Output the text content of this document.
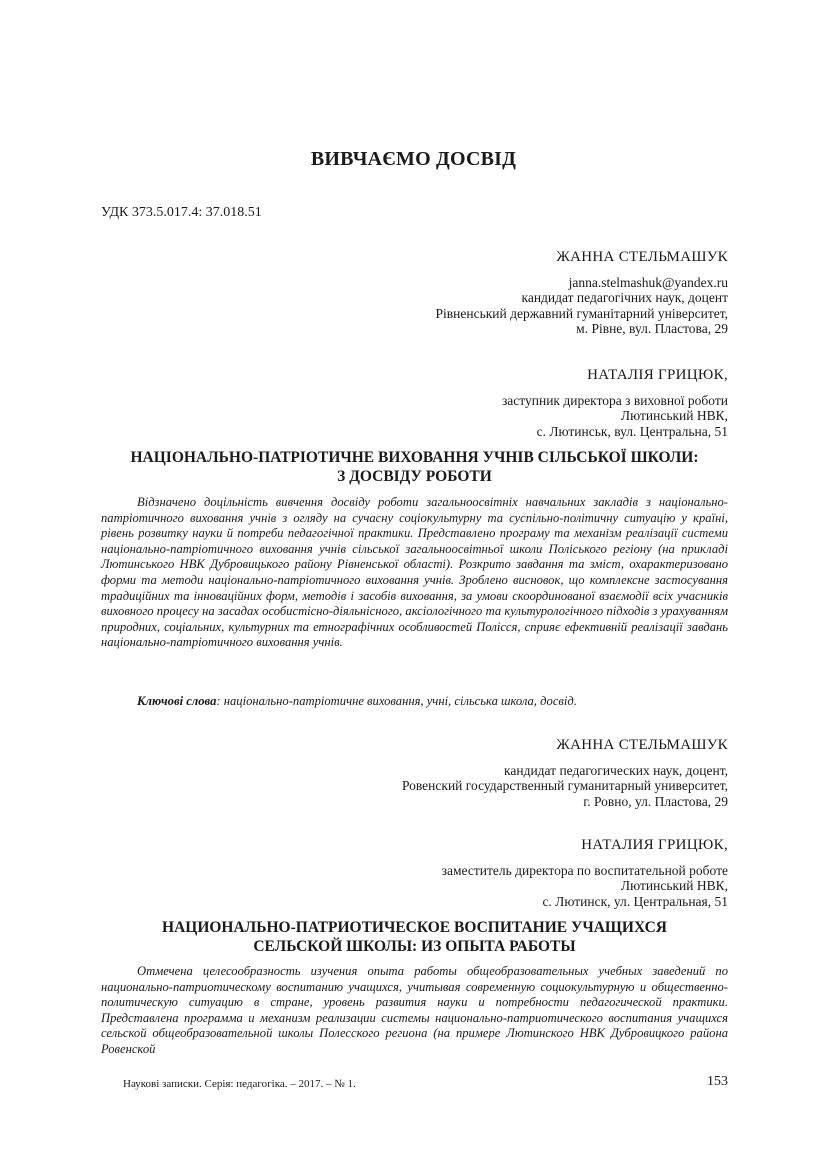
ВИВЧАЄМО ДОСВІД
УДК 373.5.017.4: 37.018.51
ЖАННА СТЕЛЬМАШУК
janna.stelmashuk@yandex.ru
кандидат педагогічних наук, доцент
Рівненський державний гуманітарний університет,
м. Рівне, вул. Пластова, 29
НАТАЛІЯ ГРИЦЮК,
заступник директора з виховної роботи
Лютинський НВК,
с. Лютинськ, вул. Центральна, 51
НАЦІОНАЛЬНО-ПАТРІОТИЧНЕ ВИХОВАННЯ УЧНІВ СІЛЬСЬКОЇ ШКОЛИ:
З ДОСВІДУ РОБОТИ

Відзначено доцільність вивчення досвіду роботи загальноосвітніх навчальних закладів з національно-патріотичного виховання учнів з огляду на сучасну соціокультурну та суспільно-політичну ситуацію у країні, рівень розвитку науки й потреби педагогічної практики. Представлено програму та механізм реалізації системи національно-патріотичного виховання учнів сільської загальноосвітньої школи Поліського регіону (на прикладі Лютинського НВК Дубровицького району Рівненської області). Розкрито завдання та зміст, охарактеризовано форми та методи національно-патріотичного виховання учнів. Зроблено висновок, що комплексне застосування традиційних та інноваційних форм, методів і засобів виховання, за умови скоординованої взаємодії всіх учасників виховного процесу на засадах особистісно-діяльнісного, аксіологічного та культурологічного підходів з урахуванням природних, соціальних, культурних та етнографічних особливостей Полісся, сприяє ефективній реалізації завдань національно-патріотичного виховання учнів.

Ключові слова: національно-патріотичне виховання, учні, сільська школа, досвід.
ЖАННА СТЕЛЬМАШУК
кандидат педагогических наук, доцент,
Ровенский государственный гуманитарный университет,
г. Ровно, ул. Пластова, 29
НАТАЛИЯ ГРИЦЮК,
заместитель директора по воспитательной роботе
Лютинський НВК,
с. Лютинск, ул. Центральная, 51
НАЦИОНАЛЬНО-ПАТРИОТИЧЕСКОЕ ВОСПИТАНИЕ УЧАЩИХСЯ
СЕЛЬСКОЙ ШКОЛЫ: ИЗ ОПЫТА РАБОТЫ

Отмечена целесообразность изучения опыта работы общеобразовательных учебных заведений по национально-патриотическому воспитанию учащихся, учитывая современную социокультурную и общественно-политическую ситуацию в стране, уровень развития науки и потребности педагогической практики. Представлена программа и механизм реализации системы национально-патриотического воспитания учащихся сельской общеобразовательной школы Полесского региона (на примере Лютинского НВК Дубровицкого района Ровенской

Наукові записки. Серія: педагогіка. – 2017. – № 1.	153
